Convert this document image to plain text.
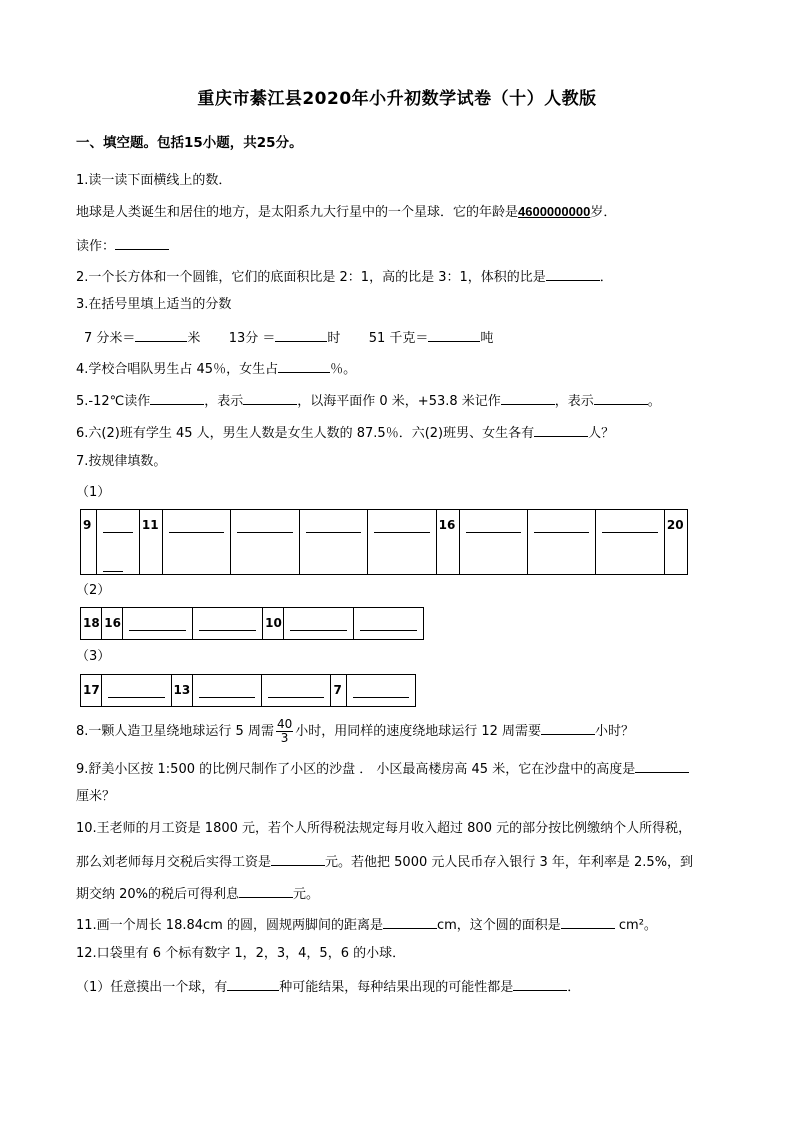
重庆市綦江县2020年小升初数学试卷（十）人教版
一、填空题。包括15小题，共25分。
1.读一读下面横线上的数．
地球是人类诞生和居住的地方，是太阳系九大行星中的一个星球．它的年龄是4600000000岁．
读作：
2.一个长方体和一个圆锥，它们的底面积比是 2：1，高的比是 3：1，体积的比是	．
3.在括号里填上适当的分数
7 分米＝	米 13分 ＝	时 51 千克＝	吨
4.学校合唱队男生占 45％，女生占	％。
5.-12℃读作	，表示	，以海平面作 0 米，+53.8 米记作	，表示	。
6.六(2)班有学生 45 人，男生人数是女生人数的 87.5％．六(2)班男、女生各有	人？
7.按规律填数。
（1）
9		11					16				20
（2）
18	16			10

（3）
17		13			7

8.一颗人造卫星绕地球运行 5 周需 $\frac{40}{3}$ 小时，用同样的速度绕地球运行 12 周需要	小时？
9.舒美小区按 1:500 的比例尺制作了小区的沙盘 ． 小区最高楼房高 45 米，它在沙盘中的高度是
厘米？
10.王老师的月工资是 1800 元，若个人所得税法规定每月收入超过 800 元的部分按比例缴纳个人所得税，
那么刘老师每月交税后实得工资是	元。若他把 5000 元人民币存入银行 3 年，年利率是 2.5%，到
期交纳 20%的税后可得利息	元。
11.画一个周长 18.84cm 的圆，圆规两脚间的距离是	cm，这个圆的面积是	cm²。
12.口袋里有 6 个标有数字 1，2，3，4，5，6 的小球．
（1）任意摸出一个球，有	种可能结果，每种结果出现的可能性都是	．
